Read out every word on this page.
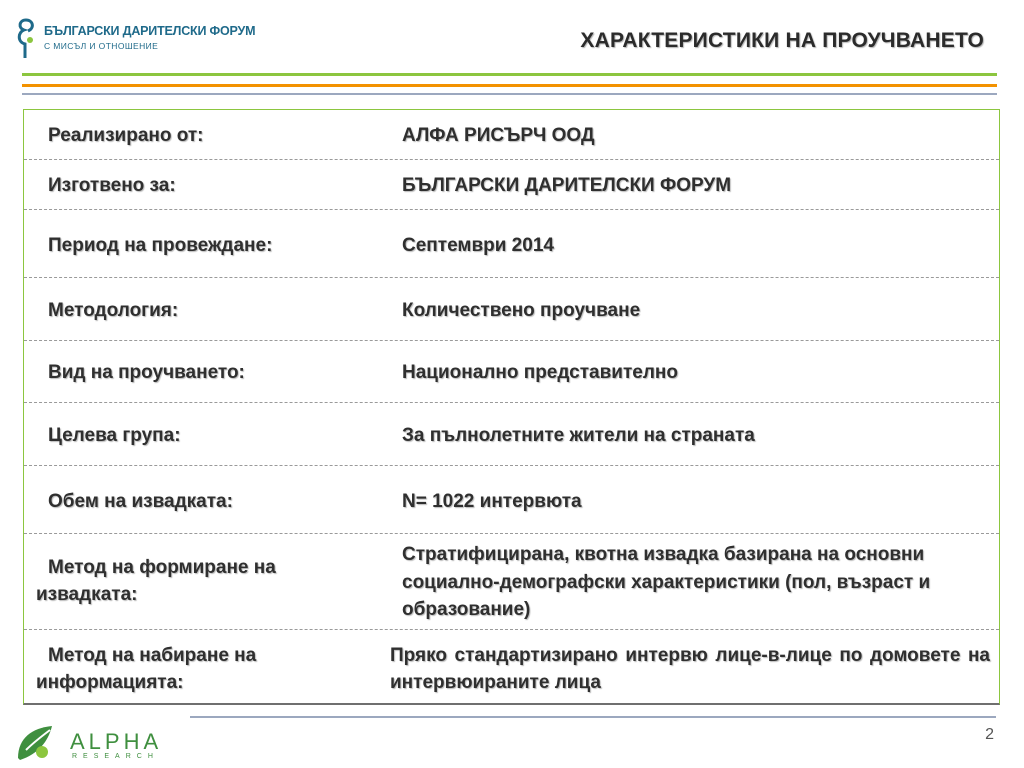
БЪЛГАРСКИ ДАРИТЕЛСКИ ФОРУМ
С МИСЪЛ И ОТНОШЕНИЕ	ХАРАКТЕРИСТИКИ НА ПРОУЧВАНЕТО
Реализирано от:	АЛФА РИСЪРЧ ООД
Изготвено за:	БЪЛГАРСКИ ДАРИТЕЛСКИ ФОРУМ
Период на провеждане:	Септември 2014
Методология:	Количествено проучване
Вид на проучването:	Национално представително
Целева група:	За пълнолетните жители на страната
Обем на извадката:	N= 1022 интервюта
Метод на формиране на извадката:
Стратифицирана, квотна извадка базирана на основни социално-демографски характеристики (пол, възраст и образование)
Метод на набиране на информацията:
Пряко стандартизирано интервю лице-в-лице по домовете на интервюираните лица
ALPHA
RESEARCH
2
